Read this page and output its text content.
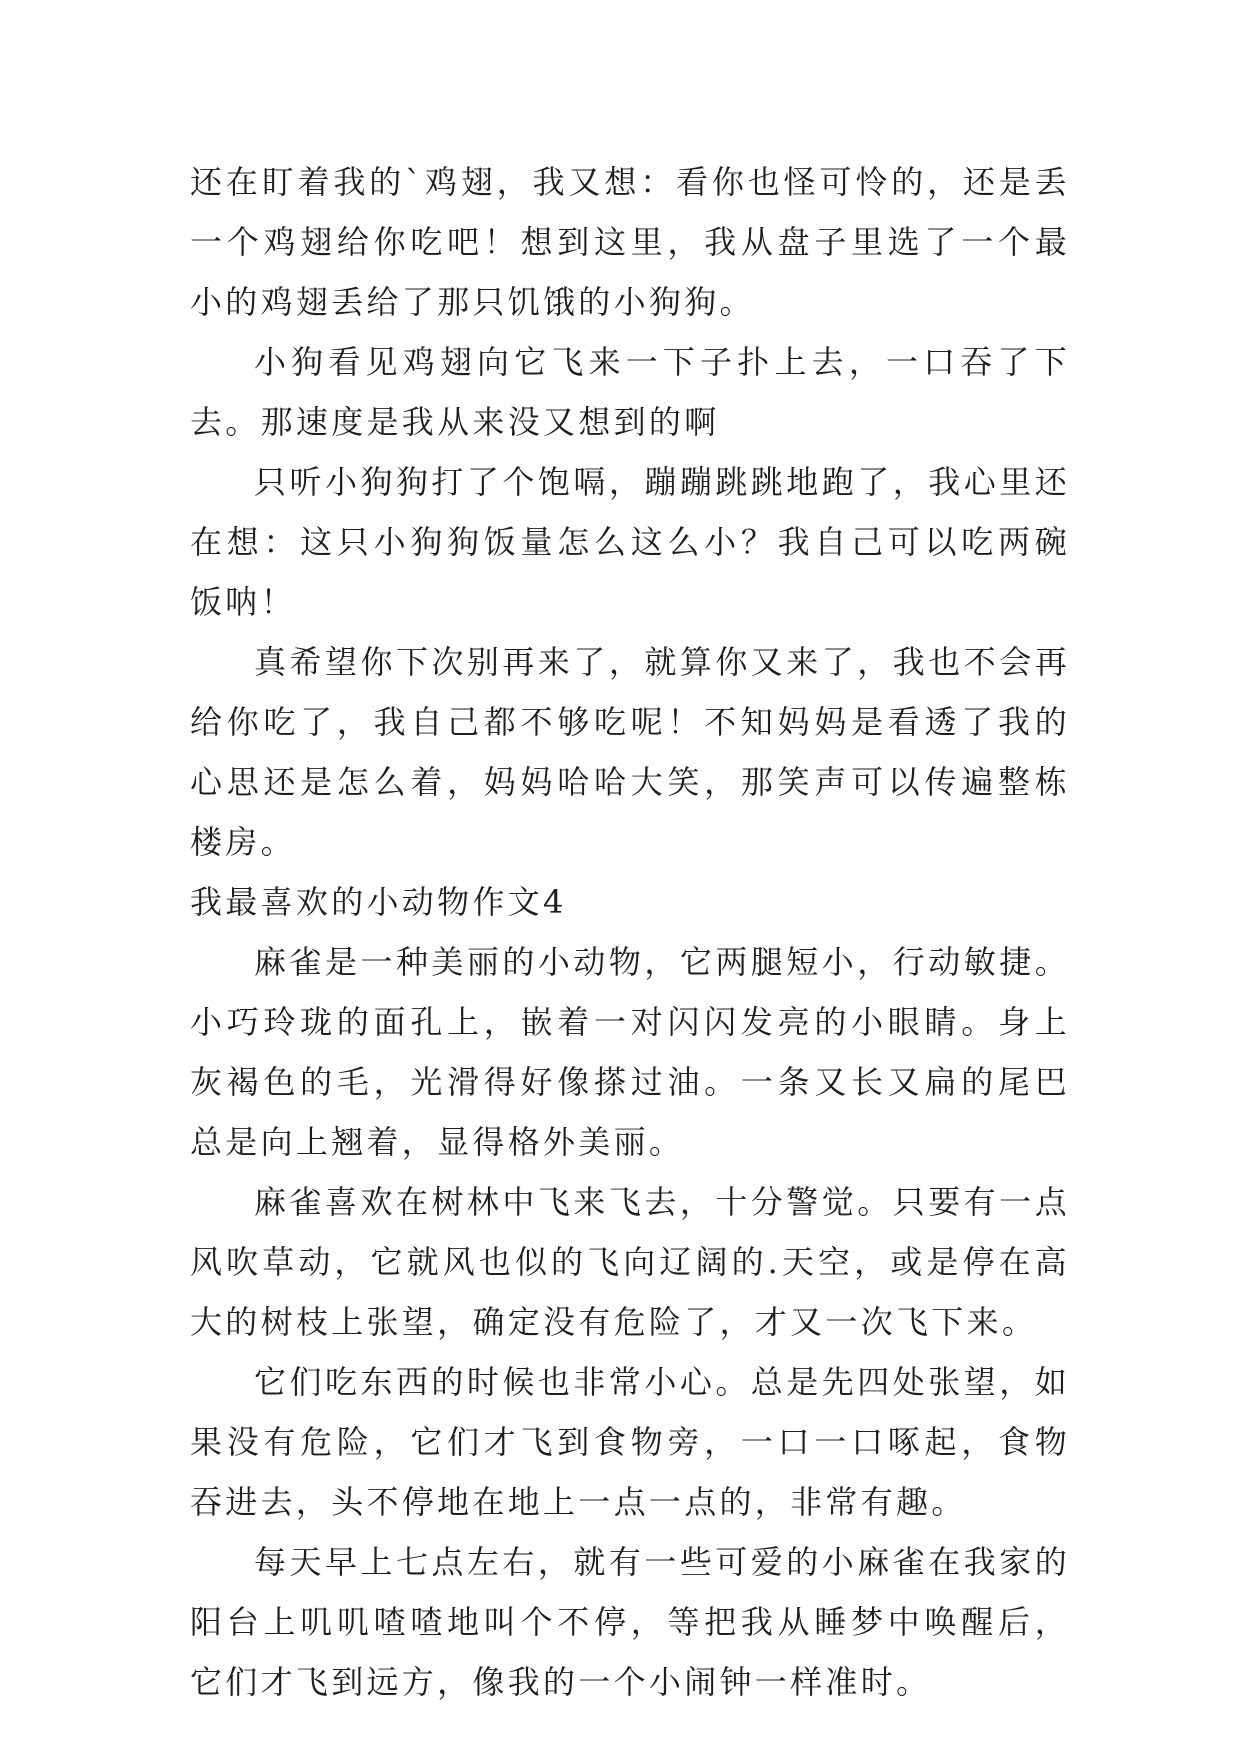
还在盯着我的`鸡翅，我又想：看你也怪可怜的，还是丢一个鸡翅给你吃吧！想到这里，我从盘子里选了一个最小的鸡翅丢给了那只饥饿的小狗狗。

小狗看见鸡翅向它飞来一下子扑上去，一口吞了下去。那速度是我从来没又想到的啊

只听小狗狗打了个饱嗝，蹦蹦跳跳地跑了，我心里还在想：这只小狗狗饭量怎么这么小？我自己可以吃两碗饭呐！

真希望你下次别再来了，就算你又来了，我也不会再给你吃了，我自己都不够吃呢！不知妈妈是看透了我的心思还是怎么着，妈妈哈哈大笑，那笑声可以传遍整栋楼房。

我最喜欢的小动物作文4

麻雀是一种美丽的小动物，它两腿短小，行动敏捷。小巧玲珑的面孔上，嵌着一对闪闪发亮的小眼睛。身上灰褐色的毛，光滑得好像搽过油。一条又长又扁的尾巴总是向上翘着，显得格外美丽。

麻雀喜欢在树林中飞来飞去，十分警觉。只要有一点风吹草动，它就风也似的飞向辽阔的.天空，或是停在高大的树枝上张望，确定没有危险了，才又一次飞下来。

它们吃东西的时候也非常小心。总是先四处张望，如果没有危险，它们才飞到食物旁，一口一口啄起，食物吞进去，头不停地在地上一点一点的，非常有趣。

每天早上七点左右，就有一些可爱的小麻雀在我家的阳台上叽叽喳喳地叫个不停，等把我从睡梦中唤醒后，它们才飞到远方，像我的一个小闹钟一样准时。
